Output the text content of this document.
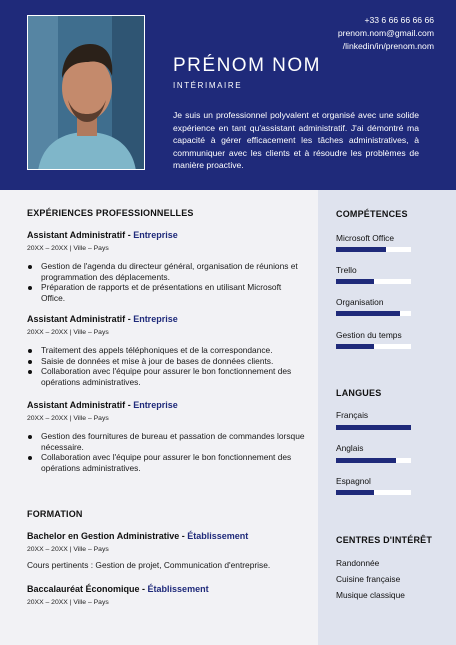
+33 6 66 66 66 66
prenom.nom@gmail.com
/linkedin/in/prenom.nom
PRÉNOM NOM
INTÉRIMAIRE
Je suis un professionnel polyvalent et organisé avec une solide expérience en tant qu'assistant administratif. J'ai démontré ma capacité à gérer efficacement les tâches administratives, à communiquer avec les clients et à résoudre les problèmes de manière proactive.
EXPÉRIENCES PROFESSIONNELLES
Assistant Administratif - Entreprise
20XX – 20XX | Ville – Pays
Gestion de l'agenda du directeur général, organisation de réunions et programmation des déplacements.
Préparation de rapports et de présentations en utilisant Microsoft Office.
Assistant Administratif - Entreprise
20XX – 20XX | Ville – Pays
Traitement des appels téléphoniques et de la correspondance.
Saisie de données et mise à jour de bases de données clients.
Collaboration avec l'équipe pour assurer le bon fonctionnement des opérations administratives.
Assistant Administratif - Entreprise
20XX – 20XX | Ville – Pays
Gestion des fournitures de bureau et passation de commandes lorsque nécessaire.
Collaboration avec l'équipe pour assurer le bon fonctionnement des opérations administratives.
FORMATION
Bachelor en Gestion Administrative - Établissement
20XX – 20XX | Ville – Pays
Cours pertinents : Gestion de projet, Communication d'entreprise.
Baccalauréat Économique - Établissement
20XX – 20XX | Ville – Pays
COMPÉTENCES
Microsoft Office
Trello
Organisation
Gestion du temps
LANGUES
Français
Anglais
Espagnol
CENTRES D'INTÉRÊT
Randonnée
Cuisine française
Musique classique
